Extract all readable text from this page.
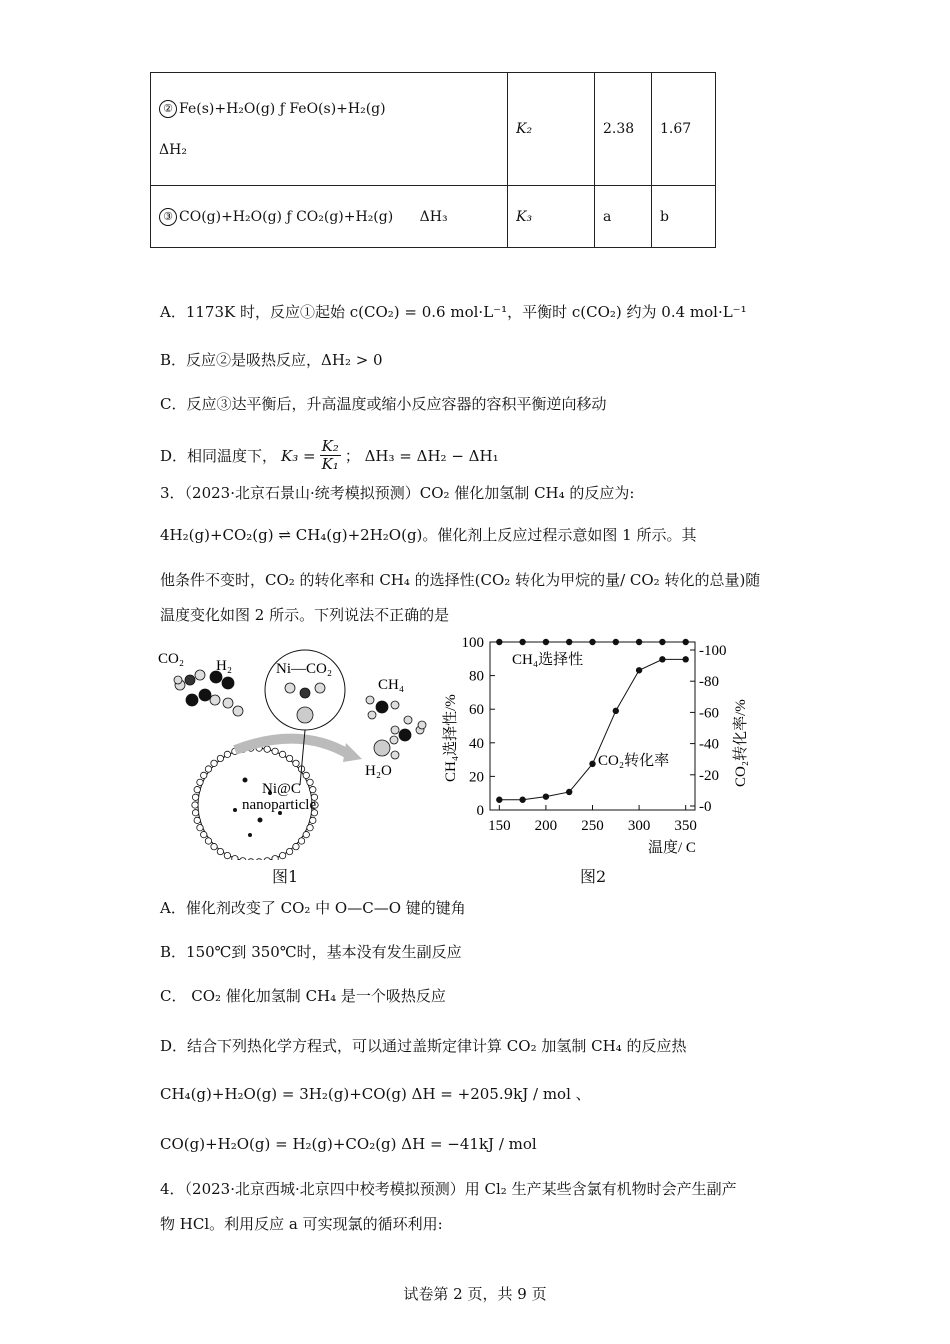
② Fe(s)+H₂O(g) ƒ FeO(s)+H₂(g)
ΔH₂	K₂	2.38	1.67
③ CO(g)+H₂O(g) ƒ CO₂(g)+H₂(g) ΔH₃	K₃	a	b
A．1173K 时，反应①起始 c(CO₂) = 0.6 mol·L⁻¹，平衡时 c(CO₂) 约为 0.4 mol·L⁻¹
B．反应②是吸热反应，ΔH₂ > 0
C．反应③达平衡后，升高温度或缩小反应容器的容积平衡逆向移动
D．相同温度下， $K_3 = \frac{\text{K₂}}{\text{K₁}}$ ； ΔH₃ = ΔH₂ − ΔH₁
3．（2023·北京石景山·统考模拟预测）CO₂ 催化加氢制 CH₄ 的反应为:
4H₂(g)+CO₂(g) ⇌ CH₄(g)+2H₂O(g)。催化剂上反应过程示意如图 1 所示。其
他条件不变时，CO₂ 的转化率和 CH₄ 的选择性(CO₂ 转化为甲烷的量/ CO₂ 转化的总量)随
温度变化如图 2 所示。下列说法不正确的是
Ni—CO₂
CO₂ H₂
CH₄
H₂O
Ni@C
nanoparticle
图1
150 200 250 300 350
0
20
40
60
80
100
-0
-20
-40
-60
-80
-100
CH₄选择性
CO₂转化率
温度/ C
CH₄选择性/%	CO₂转化率/%
图2
A．催化剂改变了 CO₂ 中 O—C—O 键的键角
B．150℃到 350℃时，基本没有发生副反应
C． CO₂ 催化加氢制 CH₄ 是一个吸热反应
D．结合下列热化学方程式，可以通过盖斯定律计算 CO₂ 加氢制 CH₄ 的反应热
CH₄(g)+H₂O(g) = 3H₂(g)+CO(g) ΔH = +205.9kJ / mol 、
CO(g)+H₂O(g) = H₂(g)+CO₂(g) ΔH = −41kJ / mol
4．（2023·北京西城·北京四中校考模拟预测）用 Cl₂ 生产某些含氯有机物时会产生副产
物 HCl。利用反应 a 可实现氯的循环利用:
试卷第 2 页，共 9 页
